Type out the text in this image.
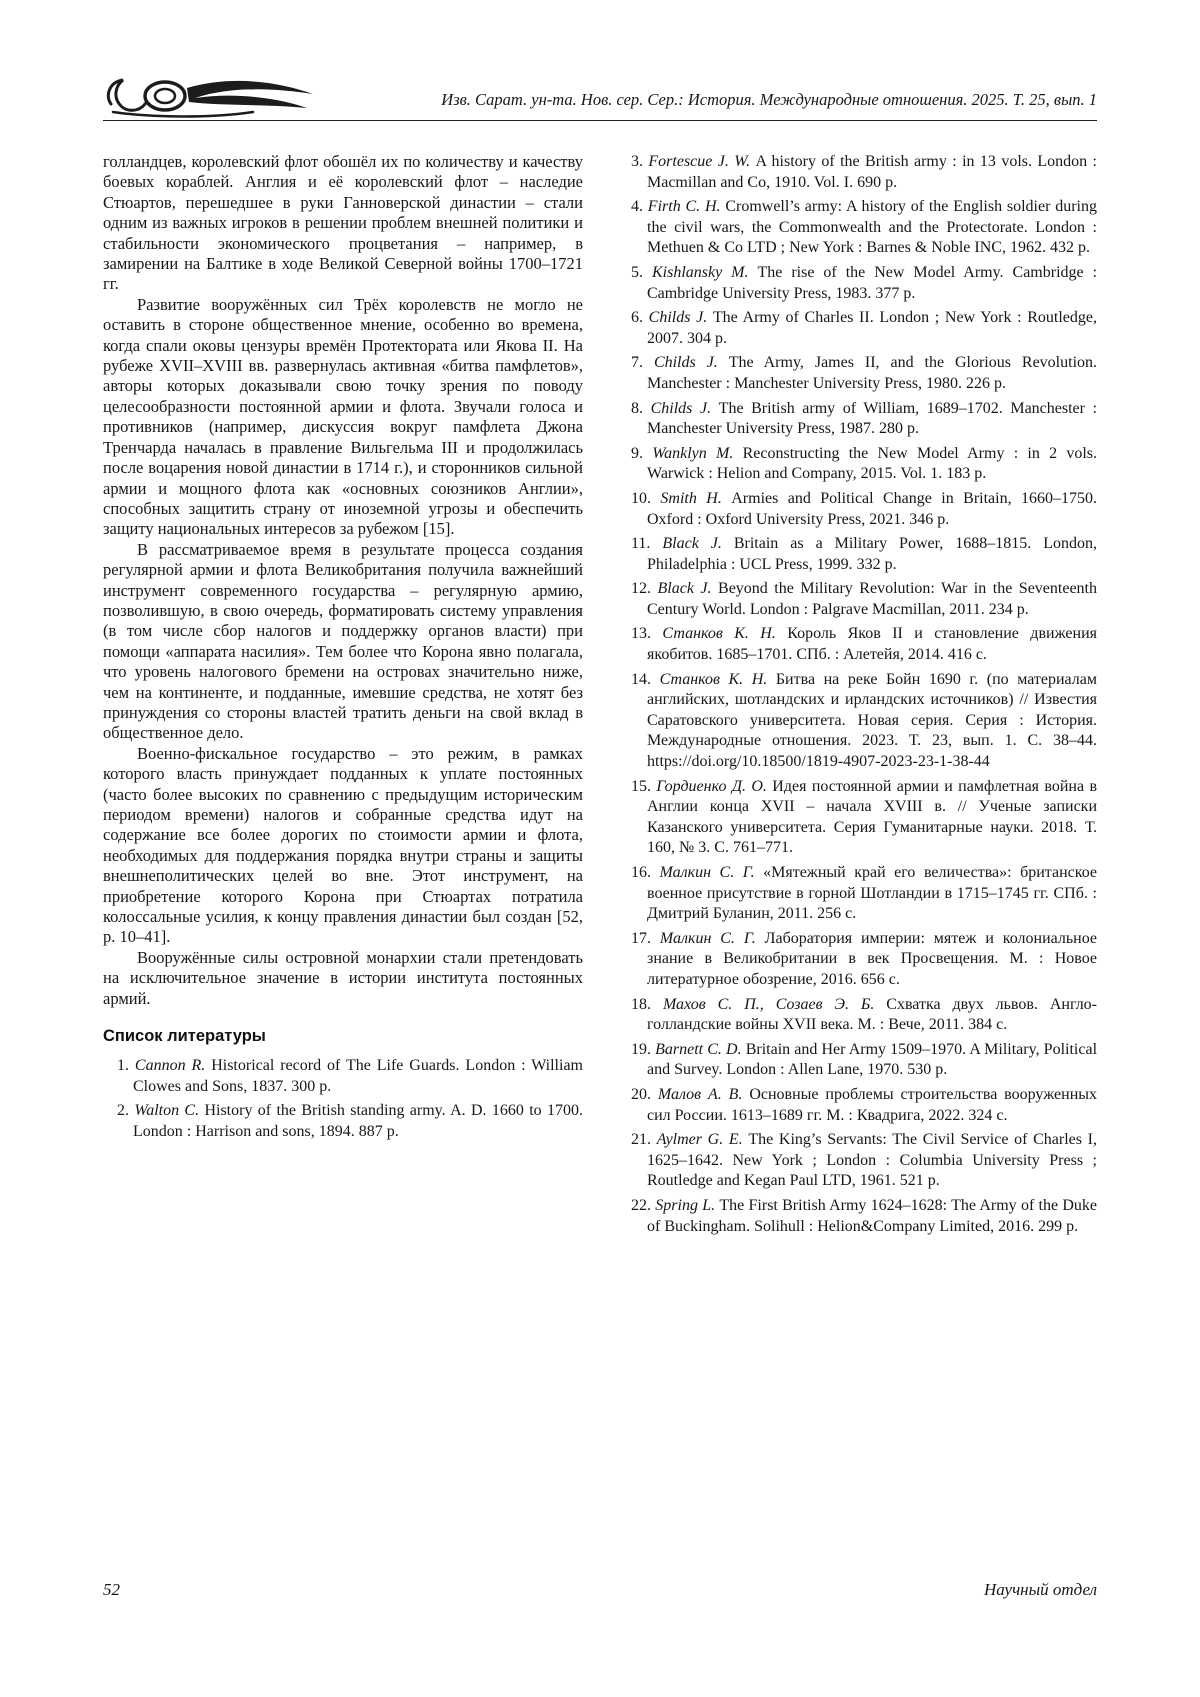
Изв. Сарат. ун-та. Нов. сер. Сер.: История. Международные отношения. 2025. Т. 25, вып. 1

голландцев, королевский флот обошёл их по количеству и качеству боевых кораблей. Англия и её королевский флот – наследие Стюартов, перешедшее в руки Ганноверской династии – стали одним из важных игроков в решении проблем внешней политики и стабильности экономического процветания – например, в замирении на Балтике в ходе Великой Северной войны 1700–1721 гг.

Развитие вооружённых сил Трёх королевств не могло не оставить в стороне общественное мнение, особенно во времена, когда спали оковы цензуры времён Протектората или Якова II. На рубеже XVII–XVIII вв. развернулась активная «битва памфлетов», авторы которых доказывали свою точку зрения по поводу целесообразности постоянной армии и флота. Звучали голоса и противников (например, дискуссия вокруг памфлета Джона Тренчарда началась в правление Вильгельма III и продолжилась после воцарения новой династии в 1714 г.), и сторонников сильной армии и мощного флота как «основных союзников Англии», способных защитить страну от иноземной угрозы и обеспечить защиту национальных интересов за рубежом [15].

В рассматриваемое время в результате процесса создания регулярной армии и флота Великобритания получила важнейший инструмент современного государства – регулярную армию, позволившую, в свою очередь, форматировать систему управления (в том числе сбор налогов и поддержку органов власти) при помощи «аппарата насилия». Тем более что Корона явно полагала, что уровень налогового бремени на островах значительно ниже, чем на континенте, и подданные, имевшие средства, не хотят без принуждения со стороны властей тратить деньги на свой вклад в общественное дело.

Военно-фискальное государство – это режим, в рамках которого власть принуждает подданных к уплате постоянных (часто более высоких по сравнению с предыдущим историческим периодом времени) налогов и собранные средства идут на содержание все более дорогих по стоимости армии и флота, необходимых для поддержания порядка внутри страны и защиты внешнеполитических целей во вне. Этот инструмент, на приобретение которого Корона при Стюартах потратила колоссальные усилия, к концу правления династии был создан [52, р. 10–41].

Вооружённые силы островной монархии стали претендовать на исключительное значение в истории института постоянных армий.

Список литературы
1. Cannon R. Historical record of The Life Guards. London : William Clowes and Sons, 1837. 300 p.
2. Walton C. History of the British standing army. A. D. 1660 to 1700. London : Harrison and sons, 1894. 887 p.
3. Fortescue J. W. A history of the British army : in 13 vols. London : Macmillan and Co, 1910. Vol. I. 690 p.
4. Firth C. H. Cromwell’s army: A history of the English soldier during the civil wars, the Commonwealth and the Protectorate. London : Methuen & Co LTD ; New York : Barnes & Noble INC, 1962. 432 p.
5. Kishlansky M. The rise of the New Model Army. Cambridge : Cambridge University Press, 1983. 377 p.
6. Childs J. The Army of Charles II. London ; New York : Routledge, 2007. 304 p.
7. Childs J. The Army, James II, and the Glorious Revolution. Manchester : Manchester University Press, 1980. 226 p.
8. Childs J. The British army of William, 1689–1702. Manchester : Manchester University Press, 1987. 280 p.
9. Wanklyn M. Reconstructing the New Model Army : in 2 vols. Warwick : Helion and Company, 2015. Vol. 1. 183 p.
10. Smith H. Armies and Political Change in Britain, 1660–1750. Oxford : Oxford University Press, 2021. 346 p.
11. Black J. Britain as a Military Power, 1688–1815. London, Philadelphia : UCL Press, 1999. 332 p.
12. Black J. Beyond the Military Revolution: War in the Seventeenth Century World. London : Palgrave Macmillan, 2011. 234 p.
13. Станков К. Н. Король Яков II и становление движения якобитов. 1685–1701. СПб. : Алетейя, 2014. 416 с.
14. Станков К. Н. Битва на реке Бойн 1690 г. (по материалам английских, шотландских и ирландских источников) // Известия Саратовского университета. Новая серия. Серия : История. Международные отношения. 2023. Т. 23, вып. 1. С. 38–44. https://doi.org/10.18500/1819-4907-2023-23-1-38-44
15. Гордиенко Д. О. Идея постоянной армии и памфлетная война в Англии конца XVII – начала XVIII в. // Ученые записки Казанского университета. Серия Гуманитарные науки. 2018. Т. 160, № 3. С. 761–771.
16. Малкин С. Г. «Мятежный край его величества»: британское военное присутствие в горной Шотландии в 1715–1745 гг. СПб. : Дмитрий Буланин, 2011. 256 с.
17. Малкин С. Г. Лаборатория империи: мятеж и колониальное знание в Великобритании в век Просвещения. М. : Новое литературное обозрение, 2016. 656 с.
18. Махов С. П., Созаев Э. Б. Схватка двух львов. Англо-голландские войны XVII века. М. : Вече, 2011. 384 с.
19. Barnett C. D. Britain and Her Army 1509–1970. A Military, Political and Survey. London : Allen Lane, 1970. 530 p.
20. Малов А. В. Основные проблемы строительства вооруженных сил России. 1613–1689 гг. М. : Квадрига, 2022. 324 с.
21. Aylmer G. E. The King’s Servants: The Civil Service of Charles I, 1625–1642. New York ; London : Columbia University Press ; Routledge and Kegan Paul LTD, 1961. 521 p.
22. Spring L. The First British Army 1624–1628: The Army of the Duke of Buckingham. Solihull : Helion&Company Limited, 2016. 299 p.
52	Научный отдел
